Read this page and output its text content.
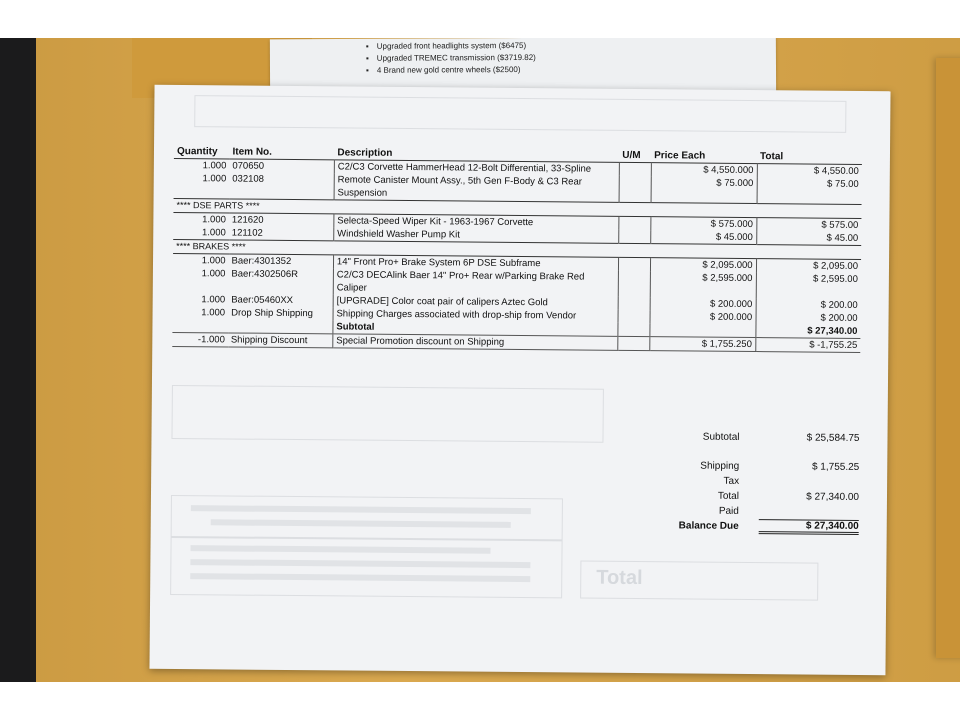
▪ Upgraded front headlights system ($6475)
▪ Upgraded TREMEC transmission ($3719.82)
▪ 4 Brand new gold centre wheels ($2500)
Total
Quantity	Item No.	Description	U/M	Price Each	Total
1.000	070650	C2/C3 Corvette HammerHead 12-Bolt Differential, 33-Spline		$ 4,550.000	$ 4,550.00
1.000	032108	Remote Canister Mount Assy., 5th Gen F-Body & C3 Rear Suspension		$ 75.000	$ 75.00
**** DSE PARTS ****					
1.000	121620	Selecta-Speed Wiper Kit - 1963-1967 Corvette		$ 575.000	$ 575.00
1.000	121102	Windshield Washer Pump Kit		$ 45.000	$ 45.00
**** BRAKES ****					
1.000	Baer:4301352	14" Front Pro+ Brake System 6P DSE Subframe		$ 2,095.000	$ 2,095.00
1.000	Baer:4302506R	C2/C3 DECAlink Baer 14" Pro+ Rear w/Parking Brake Red Caliper		$ 2,595.000	$ 2,595.00
1.000	Baer:05460XX	[UPGRADE] Color coat pair of calipers Aztec Gold		$ 200.000	$ 200.00
1.000	Drop Ship Shipping	Shipping Charges associated with drop-ship from Vendor		$ 200.000	$ 200.00
		Subtotal			$ 27,340.00
-1.000	Shipping Discount	Special Promotion discount on Shipping		$ 1,755.250	$ -1,755.25
Subtotal	$ 25,584.75
Shipping	$ 1,755.25
Tax
Total	$ 27,340.00
Paid
Balance Due	$ 27,340.00
